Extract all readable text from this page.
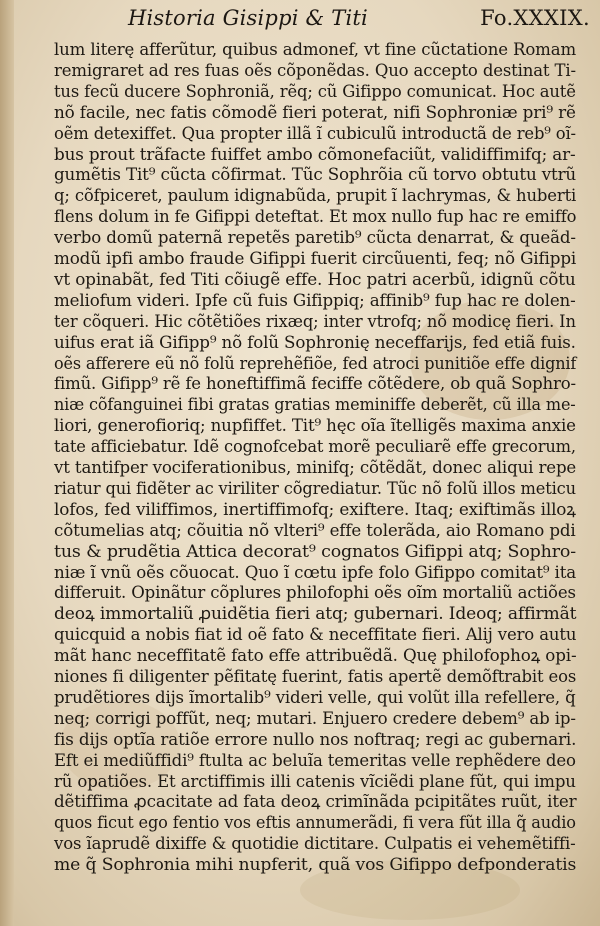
Historia Gisippi & Titi	Fo.XXXIX.
lum literę afferũtur, quibus admonef, vt fine cũctatione Romam
remigraret ad res fuas oẽs cõponẽdas. Quo accepto destinat Ti-
tus fecũ ducere Sophroniã, rẽq; cũ Gifippo comunicat. Hoc autẽ
nõ facile, nec fatis cõmodẽ fieri poterat, nifi Sophroniæ pri⁹ rẽ
oẽm detexiffet. Qua propter illã ĩ cubiculũ introductã de reb⁹ oĩ-
bus prout trãfacte fuiffet ambo cõmonefaciũt, validiffimifq; ar-
gumẽtis Tit⁹ cũcta cõfirmat. Tũc Sophrõia cũ torvo obtutu vtrũ
q; cõfpiceret, paulum idignabũda, prupit ĩ lachrymas, & huberti
flens dolum in fe Gifippi deteftat. Et mox nullo fup hac re emiffo
verbo domũ paternã repetẽs paretib⁹ cũcta denarrat, & queãd-
modũ ipfi ambo fraude Gifippi fuerit circũuenti, feq; nõ Gifippi
vt opinabãt, fed Titi cõiugẽ effe. Hoc patri acerbũ, idignũ cõtu
meliofum videri. Ipfe cũ fuis Gifippiq; affinib⁹ fup hac re dolen-
ter cõqueri. Hic cõtẽtiões rixæq; inter vtrofq; nõ modicę fieri. In
uifus erat iã Gifipp⁹ nõ folũ Sophronię neceffarijs, fed etiã fuis.
oẽs afferere eũ nõ folũ reprehẽfiõe, fed atroci punitiõe effe dignif
fimũ. Gifipp⁹ rẽ fe honeftiffimã feciffe cõtẽdere, ob quã Sophro-
niæ cõfanguinei fibi gratas gratias meminiffe deberẽt, cũ illa me-
liori, generofioriq; nupfiffet. Tit⁹ hęc oĩa ĩtelligẽs maxima anxie
tate afficiebatur. Idẽ cognofcebat morẽ peculiarẽ effe grecorum,
vt tantifper vociferationibus, minifq; cõtẽdãt, donec aliqui repe
riatur qui fidẽter ac viriliter cõgrediatur. Tũc nõ folũ illos meticu
lofos, fed viliffimos, inertiffimofq; exiftere. Itaq; exiftimãs illoꝝ
cõtumelias atq; cõuitia nõ vlteri⁹ effe tolerãda, aio Romano pdi
tus & prudẽtia Attica decorat⁹ cognatos Gifippi atq; Sophro-
niæ ĩ vnũ oẽs cõuocat. Quo ĩ cœtu ipfe folo Gifippo comitat⁹ ita
differuit. Opinãtur cõplures philofophi oẽs oĩm mortaliũ actiões
deoꝝ immortaliũ ꝓuidẽtia fieri atq; gubernari. Ideoq; affirmãt
quicquid a nobis fiat id oẽ fato & neceffitate fieri. Alij vero autu
mãt hanc neceffitatẽ fato effe attribuẽdã. Quę philofophoꝝ opi-
niones fi diligenter pẽfitatę fuerint, fatis apertẽ demõftrabit eos
prudẽtiores dijs ĩmortalib⁹ videri velle, qui volũt illa refellere, q̃
neq; corrigi poffũt, neq; mutari. Enjuero credere debem⁹ ab ip-
fis dijs optĩa ratiõe errore nullo nos noftraq; regi ac gubernari.
Eft ei mediũffidi⁹ ftulta ac beluĩa temeritas velle rephẽdere deo
rũ opatiões. Et arctiffimis illi catenis vĩciẽdi plane fũt, qui impu
dẽtiffima ꝓcacitate ad fata deoꝝ crimĩnãda pcipitãtes ruũt, iter
quos ficut ego fentio vos eftis annumerãdi, fi vera fũt illa q̃ audio
vos ĩaprudẽ dixiffe & quotidie dictitare. Culpatis ei vehemẽtiffi-
me q̃ Sophronia mihi nupferit, quã vos Gifippo defponderatis
